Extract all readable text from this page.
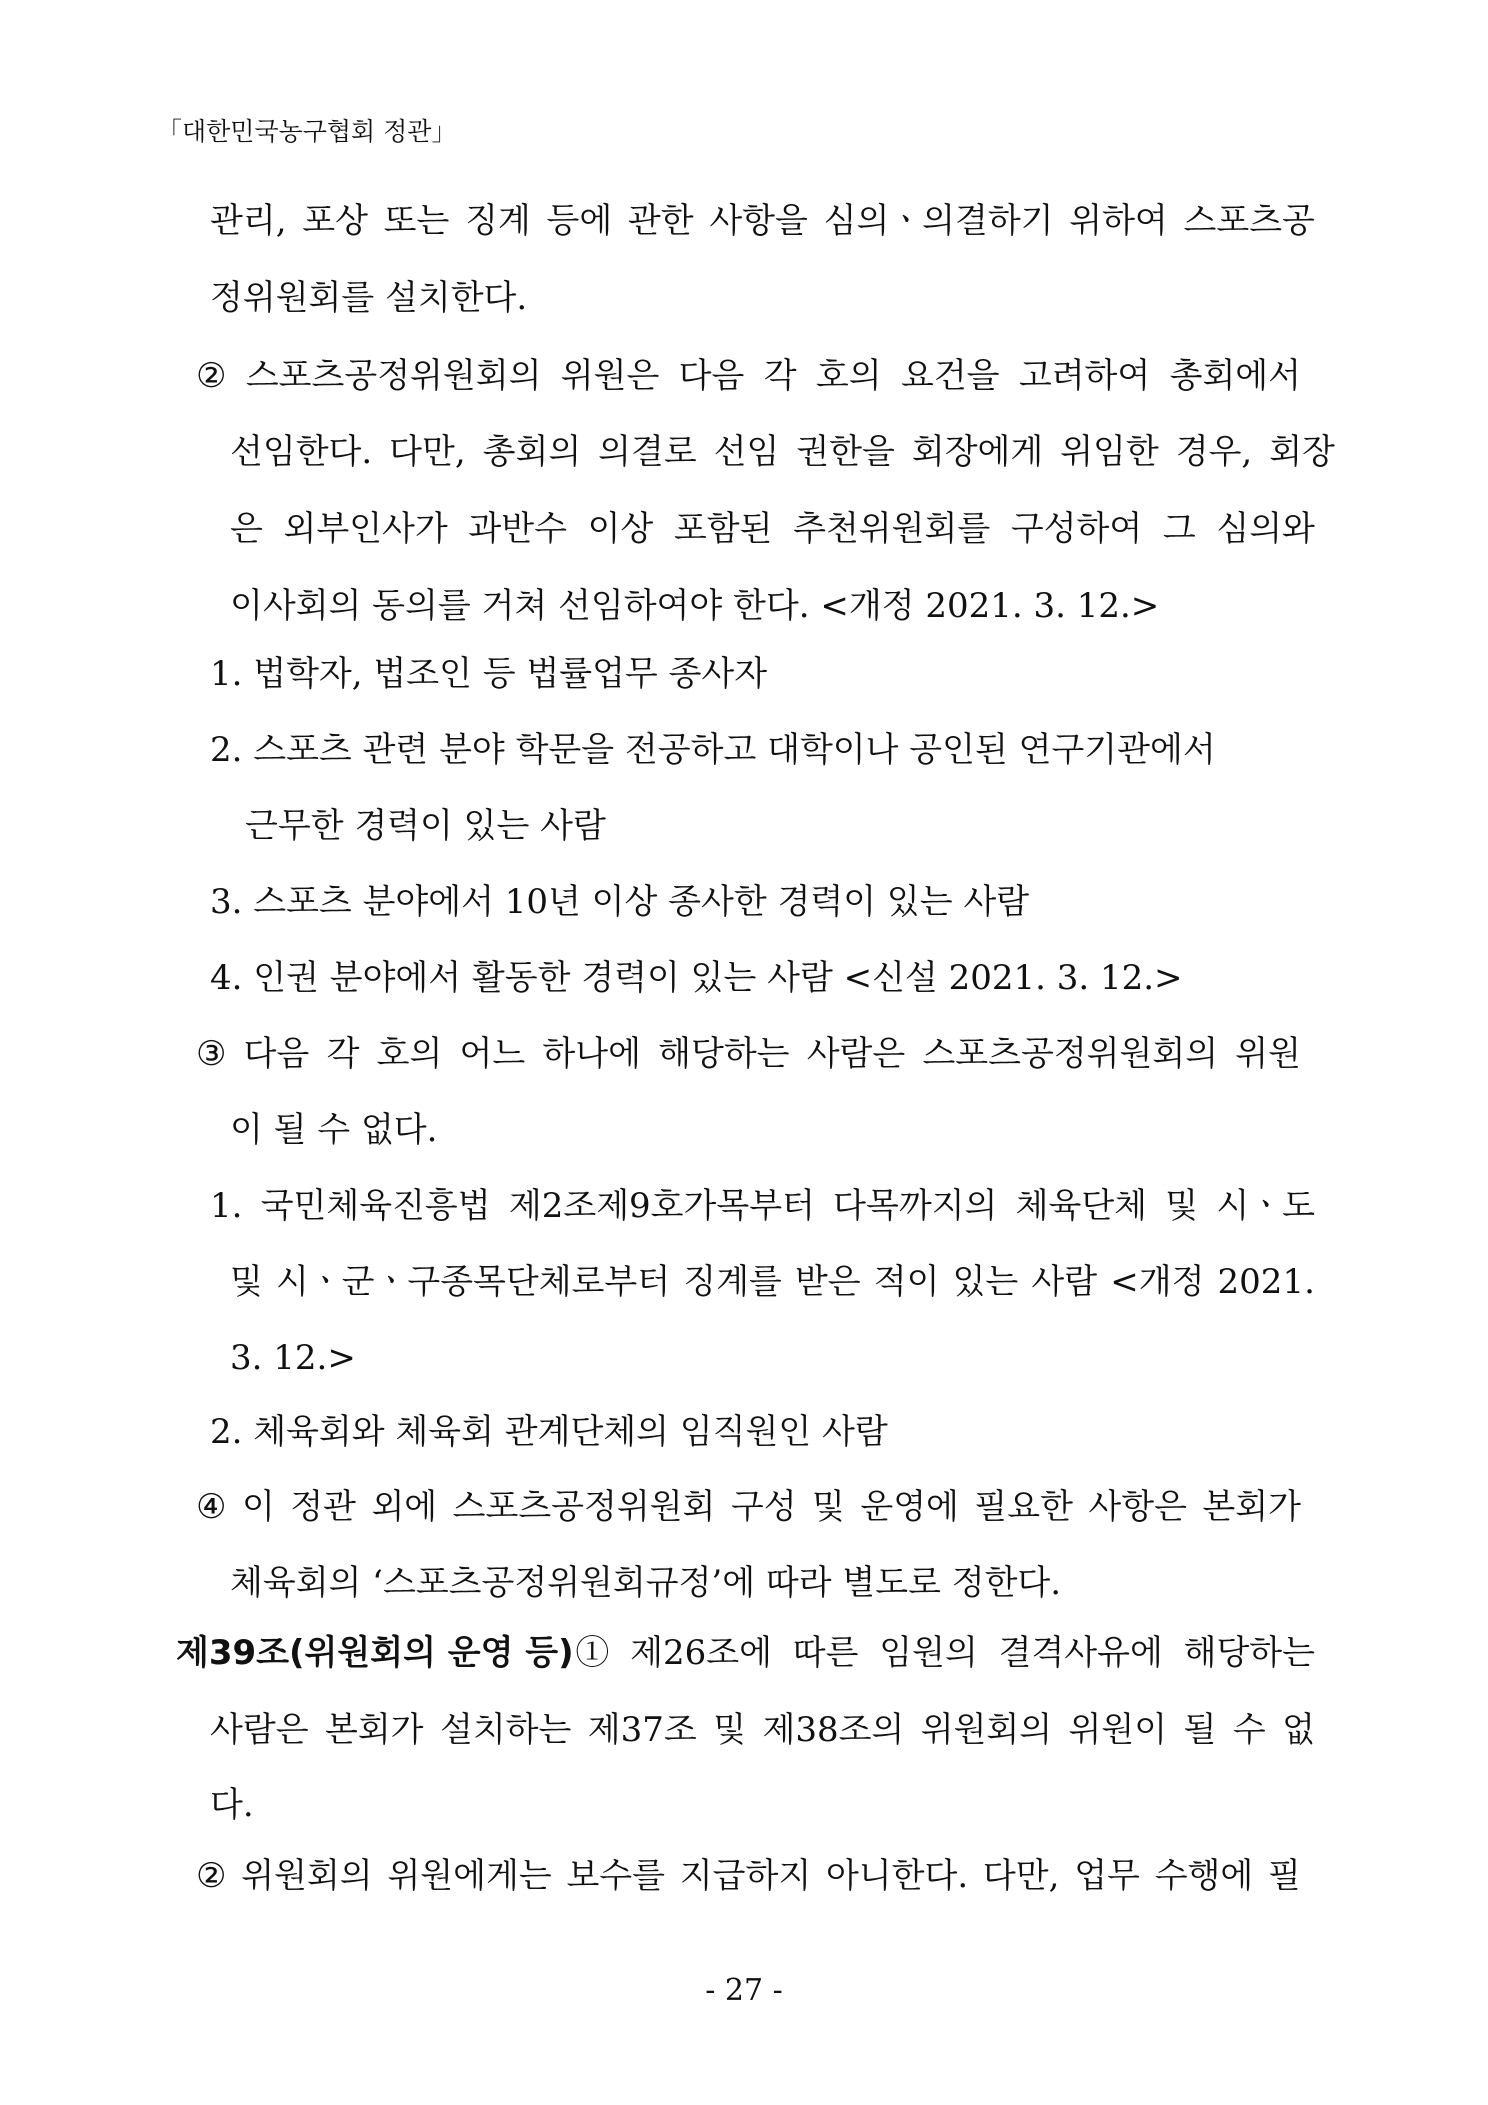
「대한민국농구협회 정관」
관리, 포상 또는 징계 등에 관한 사항을 심의ㆍ의결하기 위하여 스포츠공
정위원회를 설치한다.
② 스포츠공정위원회의 위원은 다음 각 호의 요건을 고려하여 총회에서
선임한다. 다만, 총회의 의결로 선임 권한을 회장에게 위임한 경우, 회장
은 외부인사가 과반수 이상 포함된 추천위원회를 구성하여 그 심의와
이사회의 동의를 거쳐 선임하여야 한다. <개정 2021. 3. 12.>
1. 법학자, 법조인 등 법률업무 종사자
2. 스포츠 관련 분야 학문을 전공하고 대학이나 공인된 연구기관에서
근무한 경력이 있는 사람
3. 스포츠 분야에서 10년 이상 종사한 경력이 있는 사람
4. 인권 분야에서 활동한 경력이 있는 사람 <신설 2021. 3. 12.>
③ 다음 각 호의 어느 하나에 해당하는 사람은 스포츠공정위원회의 위원
이 될 수 없다.
1. 국민체육진흥법 제2조제9호가목부터 다목까지의 체육단체 및 시ㆍ도
및 시ㆍ군ㆍ구종목단체로부터 징계를 받은 적이 있는 사람 <개정 2021.
3. 12.>
2. 체육회와 체육회 관계단체의 임직원인 사람
④ 이 정관 외에 스포츠공정위원회 구성 및 운영에 필요한 사항은 본회가
체육회의 ‘스포츠공정위원회규정’에 따라 별도로 정한다.
제39조(위원회의 운영 등) ① 제26조에 따른 임원의 결격사유에 해당하는
사람은 본회가 설치하는 제37조 및 제38조의 위원회의 위원이 될 수 없
다.
② 위원회의 위원에게는 보수를 지급하지 아니한다. 다만, 업무 수행에 필
- 27 -
